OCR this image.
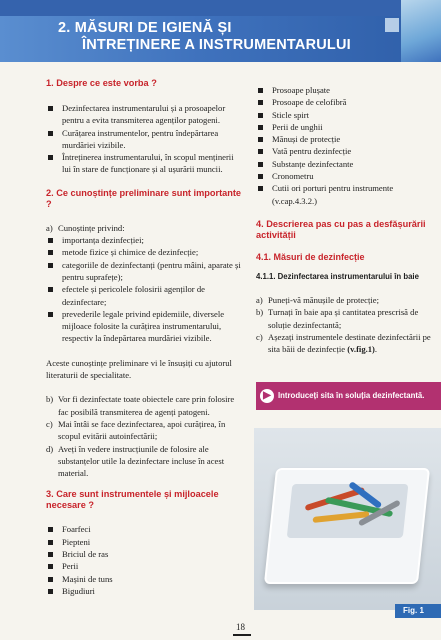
2. MĂSURI DE IGIENĂ ȘI
ÎNTREȚINERE A INSTRUMENTARULUI

1. Despre ce este vorba ?

Dezinfectarea instrumentarului și a prosoapelor pentru a evita transmiterea agenților patogeni.
Curățarea instrumentelor, pentru îndepărtarea murdăriei vizibile.
Întreținerea instrumentarului, în scopul menținerii lui în stare de funcționare și al ușurării muncii.

2. Ce cunoștințe preliminare sunt importante ?

a) Cunoștințe privind:
importanța dezinfecției;
metode fizice și chimice de dezinfecție;
categoriile de dezinfectanți (pentru mâini, aparate și pentru suprafețe);
efectele și pericolele folosirii agenților de dezinfectare;
prevederile legale privind epidemiile, diversele mijloace folosite la curățirea instrumentarului, respectiv la îndepărtarea murdăriei vizibile.

Aceste cunoștințe preliminare vi le însușiți cu ajutorul literaturii de specialitate.

b) Vor fi dezinfectate toate obiectele care prin folosire fac posibilă transmiterea de agenți patogeni.
c) Mai întâi se face dezinfectarea, apoi curățirea, în scopul evitării autoinfectării;
d) Aveți în vedere instrucțiunile de folosire ale substanțelor utile la dezinfectare incluse în acest material.

3. Care sunt instrumentele și mijloacele necesare ?

Foarfeci
Piepteni
Briciul de ras
Perii
Mașini de tuns
Bigudiuri
Prosoape plușate
Prosoape de celofibră
Sticle spirt
Perii de unghii
Mănuși de protecție
Vată pentru dezinfecție
Substanțe dezinfectante
Cronometru
Cutii ori porturi pentru instrumente (v.cap.4.3.2.)

4. Descrierea pas cu pas a desfășurării activității

4.1. Măsuri de dezinfecție
4.1.1. Dezinfectarea instrumentarului în baie
a) Puneți-vă mănușile de protecție;
b) Turnați în baie apa și cantitatea prescrisă de soluție dezinfectantă;
c) Așezați instrumentele destinate dezinfectării pe sita băii de dezinfecție (v.fig.1).
▶ Introduceți sita în soluția dezinfectantă.
Fig. 1
18
